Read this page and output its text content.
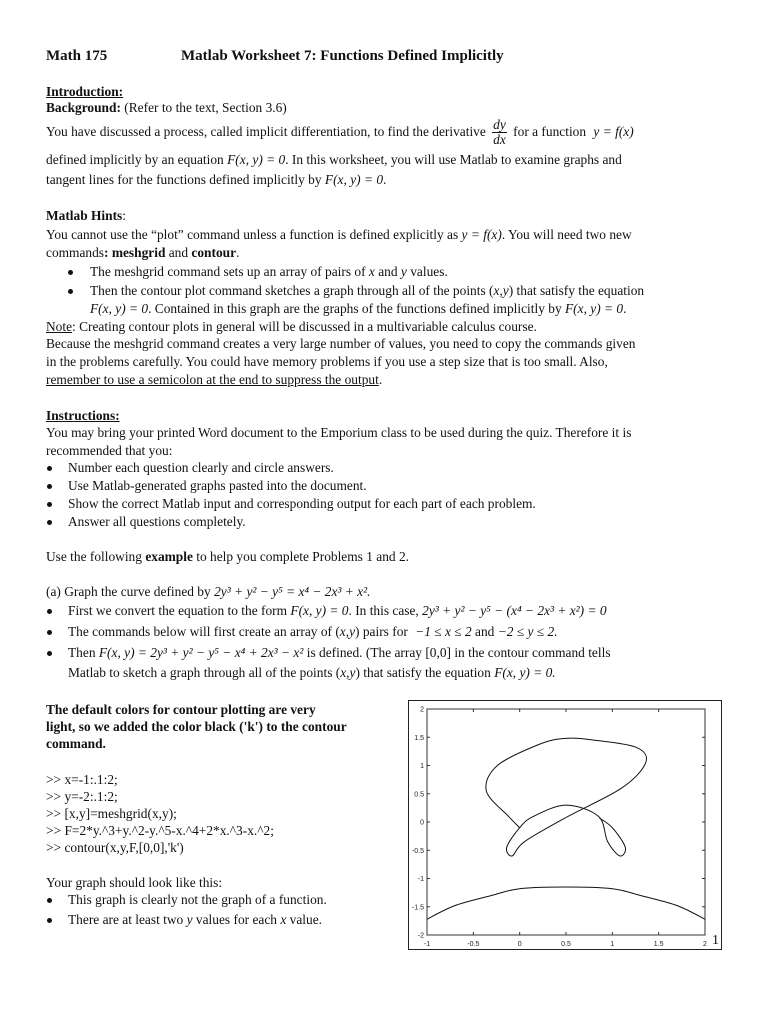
Math 175	Matlab Worksheet 7: Functions Defined Implicitly
Introduction:
Background: (Refer to the text, Section 3.6)
You have discussed a process, called implicit differentiation, to find the derivative $\frac{dy}{dx}$ for a function y = f(x)
defined implicitly by an equation F(x, y) = 0. In this worksheet, you will use Matlab to examine graphs and
tangent lines for the functions defined implicitly by F(x, y) = 0.
Matlab Hints:
You cannot use the “plot” command unless a function is defined explicitly as y = f(x). You will need two new
commands: meshgrid and contour.
The meshgrid command sets up an array of pairs of x and y values.
Then the contour plot command sketches a graph through all of the points (x,y) that satisfy the equation
F(x, y) = 0. Contained in this graph are the graphs of the functions defined implicitly by F(x, y) = 0.
Note: Creating contour plots in general will be discussed in a multivariable calculus course.
Because the meshgrid command creates a very large number of values, you need to copy the commands given
in the problems carefully. You could have memory problems if you use a step size that is too small. Also,
remember to use a semicolon at the end to suppress the output.
Instructions:
You may bring your printed Word document to the Emporium class to be used during the quiz. Therefore it is
recommended that you:
Number each question clearly and circle answers.
Use Matlab-generated graphs pasted into the document.
Show the correct Matlab input and corresponding output for each part of each problem.
Answer all questions completely.
Use the following example to help you complete Problems 1 and 2.
(a) Graph the curve defined by 2y³ + y² − y⁵ = x⁴ − 2x³ + x².
First we convert the equation to the form F(x, y) = 0. In this case, 2y³ + y² − y⁵ − (x⁴ − 2x³ + x²) = 0
The commands below will first create an array of (x,y) pairs for −1 ≤ x ≤ 2 and −2 ≤ y ≤ 2.
Then F(x, y) = 2y³ + y² − y⁵ − x⁴ + 2x³ − x² is defined. (The array [0,0] in the contour command tells
Matlab to sketch a graph through all of the points (x,y) that satisfy the equation F(x, y) = 0.
The default colors for contour plotting are very
light, so we added the color black ('k') to the contour
command.
>> x=-1:.1:2;
>> y=-2:.1:2;
>> [x,y]=meshgrid(x,y);
>> F=2*y.^3+y.^2-y.^5-x.^4+2*x.^3-x.^2;
>> contour(x,y,F,[0,0],'k')
Your graph should look like this:
This graph is clearly not the graph of a function.
There are at least two y values for each x value.
-1	-0.5	0	0.5	1	1.5	2
2
1.5
1
0.5
0
-0.5
-1
-1.5
-2	1
